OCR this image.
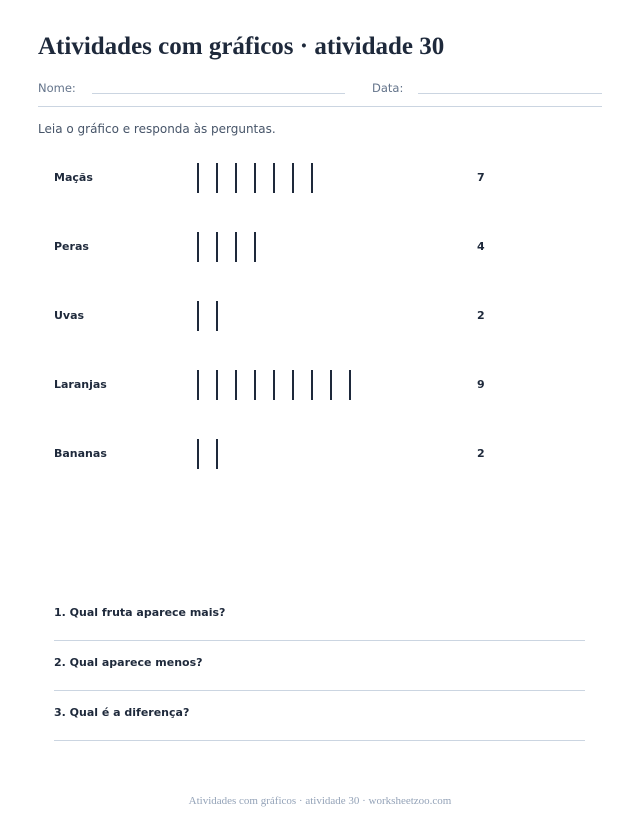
Atividades com gráficos · atividade 30
Nome:	Data:
Leia o gráfico e responda às perguntas.
Maçãs	7
Peras	4
Uvas	2
Laranjas	9
Bananas	2
1. Qual fruta aparece mais?
2. Qual aparece menos?
3. Qual é a diferença?
Atividades com gráficos · atividade 30 · worksheetzoo.com
